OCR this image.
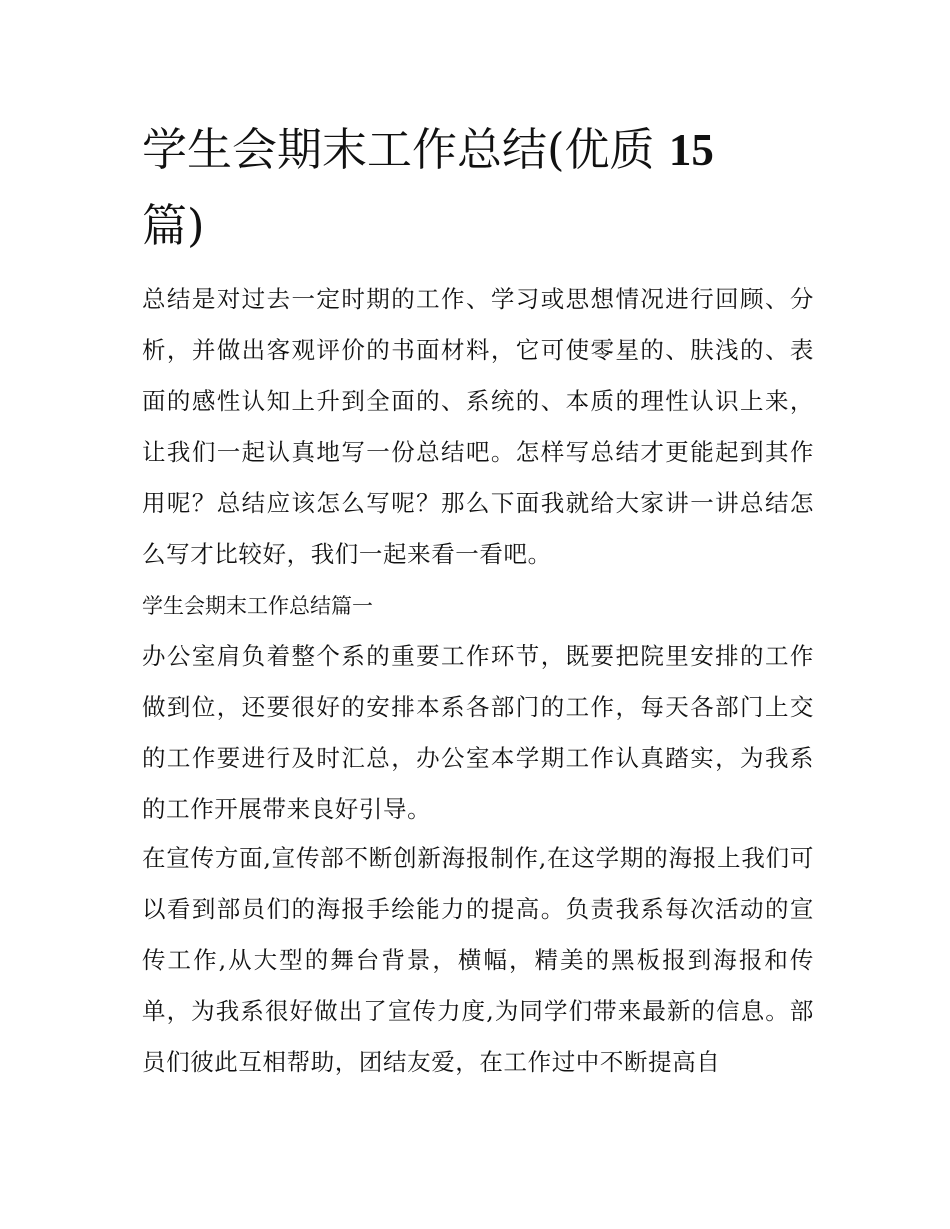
学生会期末工作总结(优质 15
篇)

总结是对过去一定时期的工作、学习或思想情况进行回顾、分析，并做出客观评价的书面材料，它可使零星的、肤浅的、表面的感性认知上升到全面的、系统的、本质的理性认识上来，让我们一起认真地写一份总结吧。怎样写总结才更能起到其作用呢？总结应该怎么写呢？那么下面我就给大家讲一讲总结怎么写才比较好，我们一起来看一看吧。

学生会期末工作总结篇一

办公室肩负着整个系的重要工作环节，既要把院里安排的工作做到位，还要很好的安排本系各部门的工作，每天各部门上交的工作要进行及时汇总，办公室本学期工作认真踏实，为我系的工作开展带来良好引导。

在宣传方面,宣传部不断创新海报制作,在这学期的海报上我们可以看到部员们的海报手绘能力的提高。负责我系每次活动的宣传工作,从大型的舞台背景，横幅，精美的黑板报到海报和传单，为我系很好做出了宣传力度,为同学们带来最新的信息。部员们彼此互相帮助，团结友爱，在工作过中不断提高自
